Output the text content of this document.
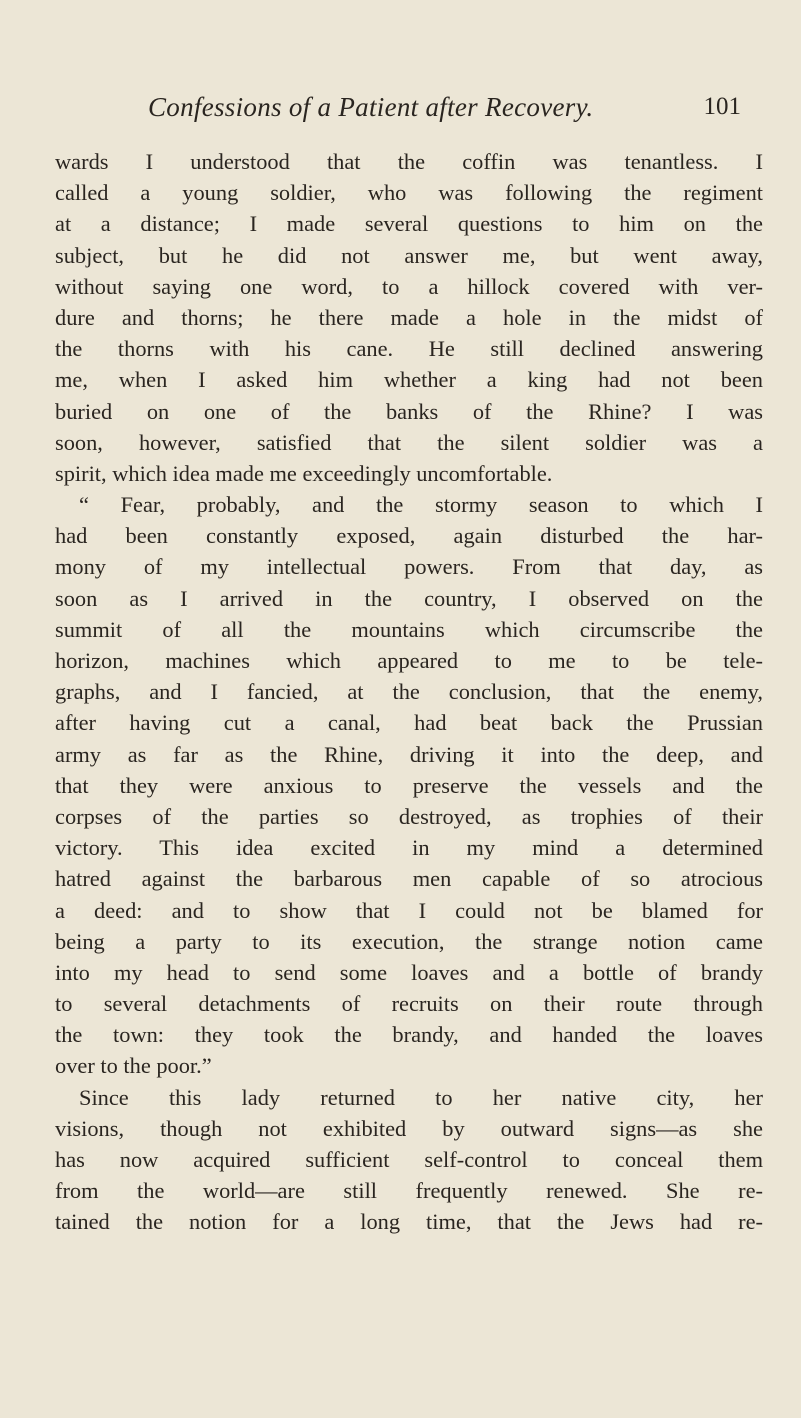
Confessions of a Patient after Recovery.	101
wards I understood that the coffin was tenantless. I
called a young soldier, who was following the regiment
at a distance; I made several questions to him on the
subject, but he did not answer me, but went away,
without saying one word, to a hillock covered with ver-
dure and thorns; he there made a hole in the midst of
the thorns with his cane. He still declined answering
me, when I asked him whether a king had not been
buried on one of the banks of the Rhine? I was
soon, however, satisfied that the silent soldier was a
spirit, which idea made me exceedingly uncomfortable.
“ Fear, probably, and the stormy season to which I
had been constantly exposed, again disturbed the har-
mony of my intellectual powers. From that day, as
soon as I arrived in the country, I observed on the
summit of all the mountains which circumscribe the
horizon, machines which appeared to me to be tele-
graphs, and I fancied, at the conclusion, that the enemy,
after having cut a canal, had beat back the Prussian
army as far as the Rhine, driving it into the deep, and
that they were anxious to preserve the vessels and the
corpses of the parties so destroyed, as trophies of their
victory. This idea excited in my mind a determined
hatred against the barbarous men capable of so atrocious
a deed: and to show that I could not be blamed for
being a party to its execution, the strange notion came
into my head to send some loaves and a bottle of brandy
to several detachments of recruits on their route through
the town: they took the brandy, and handed the loaves
over to the poor.”
Since this lady returned to her native city, her
visions, though not exhibited by outward signs—as she
has now acquired sufficient self-control to conceal them
from the world—are still frequently renewed. She re-
tained the notion for a long time, that the Jews had re-
